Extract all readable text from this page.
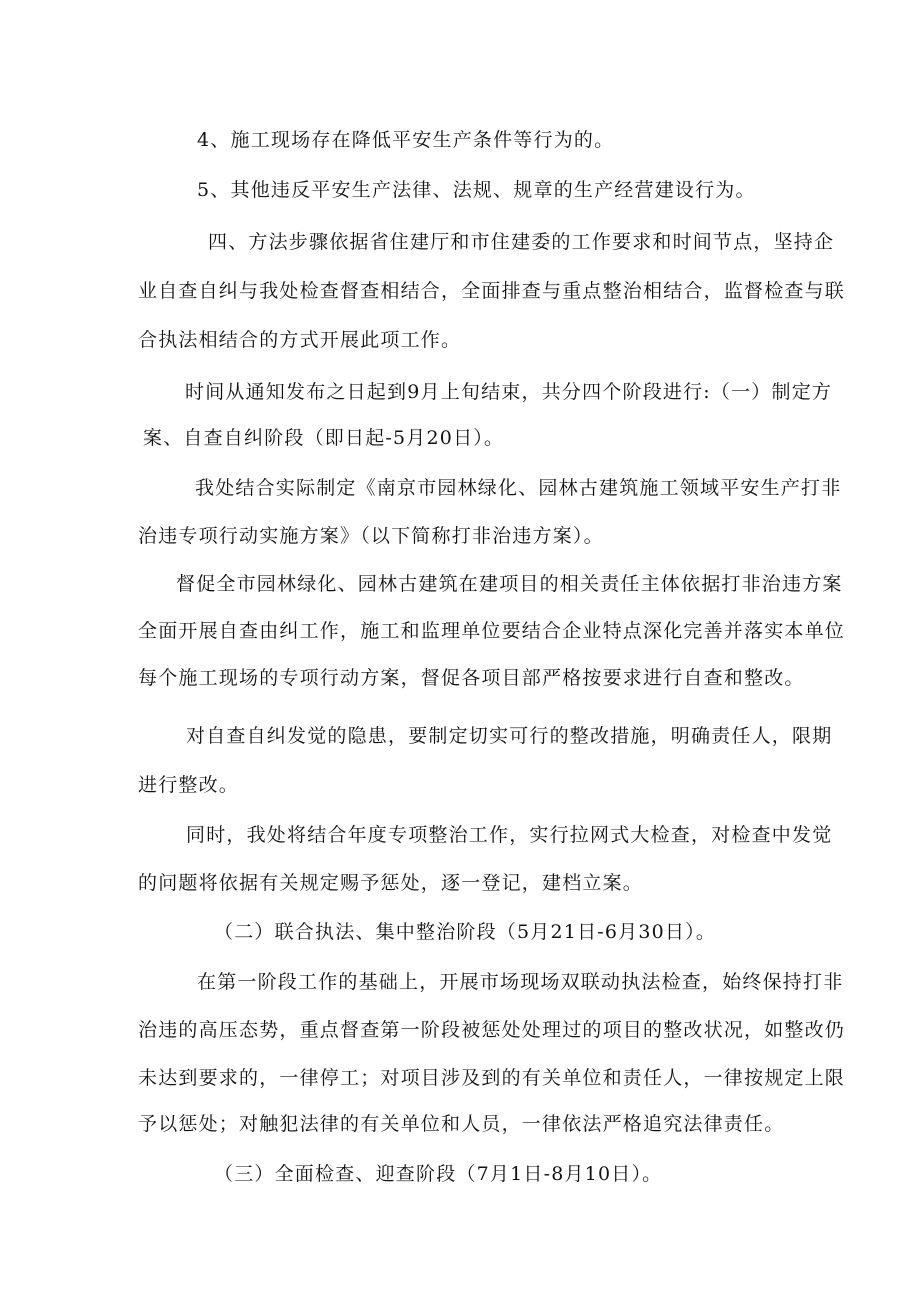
4、施工现场存在降低平安生产条件等行为的。
5、其他违反平安生产法律、法规、规章的生产经营建设行为。
四、方法步骤依据省住建厅和市住建委的工作要求和时间节点，坚持企
业自查自纠与我处检查督查相结合，全面排查与重点整治相结合，监督检查与联
合执法相结合的方式开展此项工作。
时间从通知发布之日起到9月上旬结束，共分四个阶段进行:（一）制定方
案、自查自纠阶段（即日起-5月20日）。
我处结合实际制定《南京市园林绿化、园林古建筑施工领域平安生产打非
治违专项行动实施方案》（以下简称打非治违方案）。
督促全市园林绿化、园林古建筑在建项目的相关责任主体依据打非治违方案
全面开展自查由纠工作，施工和监理单位要结合企业特点深化完善并落实本单位
每个施工现场的专项行动方案，督促各项目部严格按要求进行自查和整改。
对自查自纠发觉的隐患，要制定切实可行的整改措施，明确责任人，限期
进行整改。
同时，我处将结合年度专项整治工作，实行拉网式大检查，对检查中发觉
的问题将依据有关规定赐予惩处，逐一登记，建档立案。
（二）联合执法、集中整治阶段（5月21日-6月30日）。
在第一阶段工作的基础上，开展市场现场双联动执法检查，始终保持打非
治违的高压态势，重点督查第一阶段被惩处处理过的项目的整改状况，如整改仍
未达到要求的，一律停工；对项目涉及到的有关单位和责任人，一律按规定上限
予以惩处；对触犯法律的有关单位和人员，一律依法严格追究法律责任。
（三）全面检查、迎查阶段（7月1日-8月10日）。
